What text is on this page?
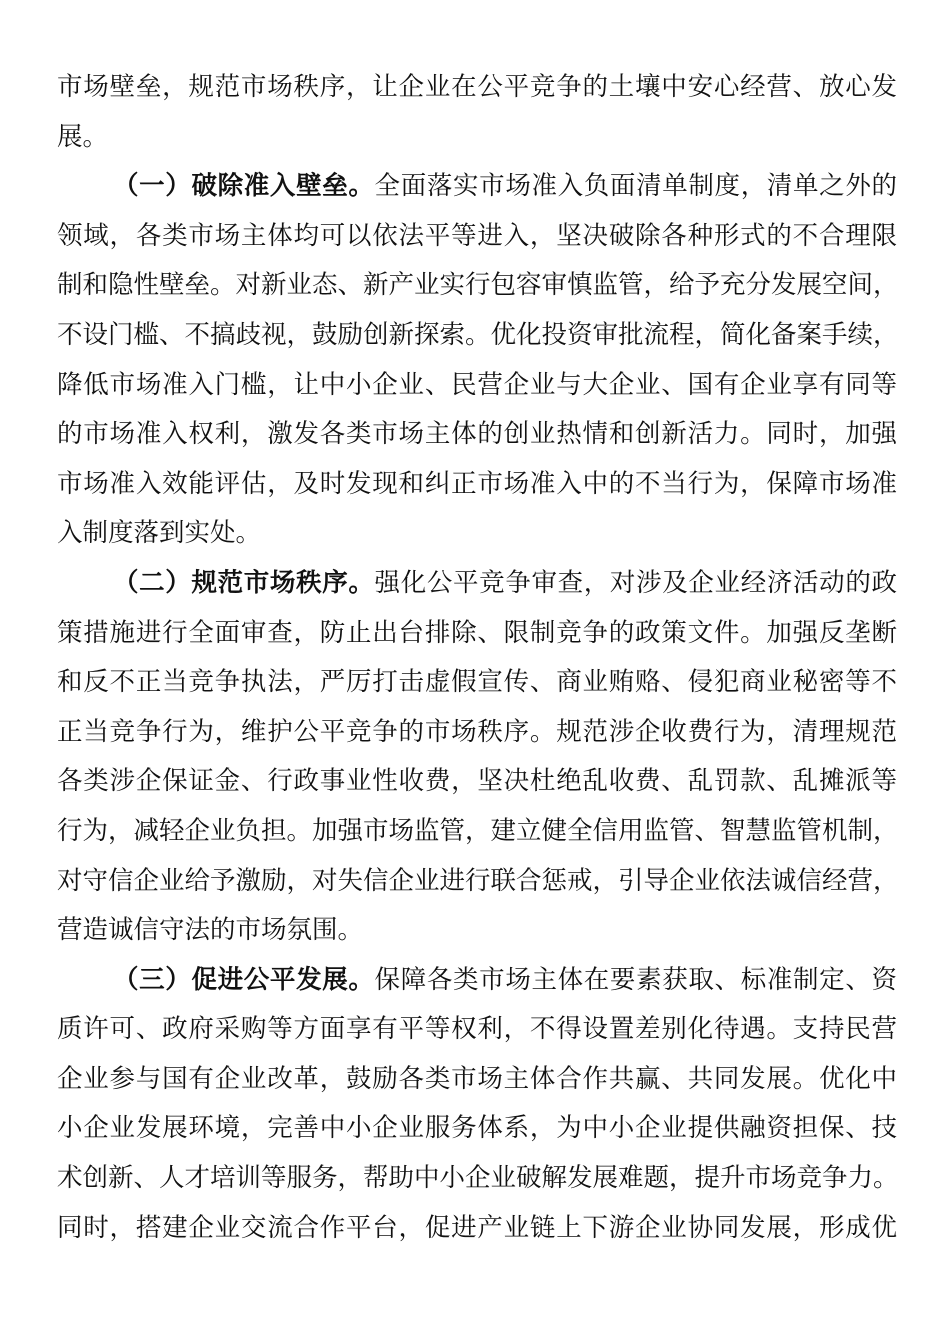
市场壁垒，规范市场秩序，让企业在公平竞争的土壤中安心经营、放心发
展。
（一）破除准入壁垒。全面落实市场准入负面清单制度，清单之外的
领域，各类市场主体均可以依法平等进入，坚决破除各种形式的不合理限
制和隐性壁垒。对新业态、新产业实行包容审慎监管，给予充分发展空间，
不设门槛、不搞歧视，鼓励创新探索。优化投资审批流程，简化备案手续，
降低市场准入门槛，让中小企业、民营企业与大企业、国有企业享有同等
的市场准入权利，激发各类市场主体的创业热情和创新活力。同时，加强
市场准入效能评估，及时发现和纠正市场准入中的不当行为，保障市场准
入制度落到实处。
（二）规范市场秩序。强化公平竞争审查，对涉及企业经济活动的政
策措施进行全面审查，防止出台排除、限制竞争的政策文件。加强反垄断
和反不正当竞争执法，严厉打击虚假宣传、商业贿赂、侵犯商业秘密等不
正当竞争行为，维护公平竞争的市场秩序。规范涉企收费行为，清理规范
各类涉企保证金、行政事业性收费，坚决杜绝乱收费、乱罚款、乱摊派等
行为，减轻企业负担。加强市场监管，建立健全信用监管、智慧监管机制，
对守信企业给予激励，对失信企业进行联合惩戒，引导企业依法诚信经营，
营造诚信守法的市场氛围。
（三）促进公平发展。保障各类市场主体在要素获取、标准制定、资
质许可、政府采购等方面享有平等权利，不得设置差别化待遇。支持民营
企业参与国有企业改革，鼓励各类市场主体合作共赢、共同发展。优化中
小企业发展环境，完善中小企业服务体系，为中小企业提供融资担保、技
术创新、人才培训等服务，帮助中小企业破解发展难题，提升市场竞争力。
同时，搭建企业交流合作平台，促进产业链上下游企业协同发展，形成优
